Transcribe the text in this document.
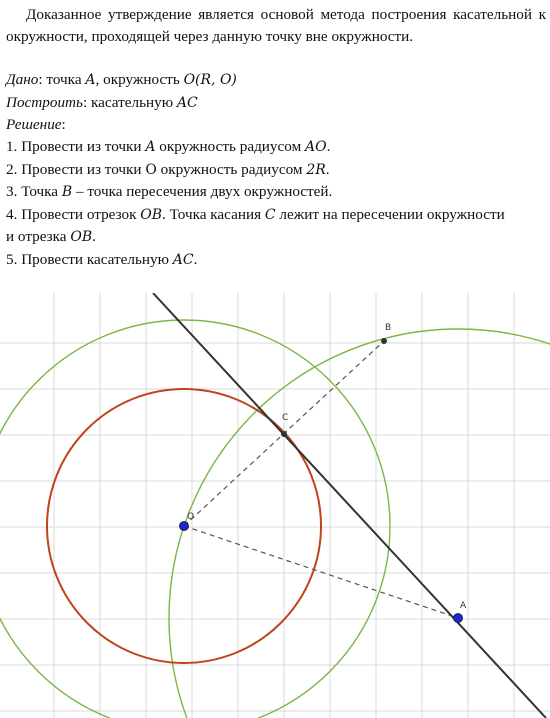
Доказанное утверждение является основой метода построения касательной к окружности, проходящей через данную точку вне окружности.

Дано: точка A, окружность O(R, O)
Построить: касательную AC
Решение:
1. Провести из точки A окружность радиусом AO.
2. Провести из точки O окружность радиусом 2R.
3. Точка B – точка пересечения двух окружностей.
4. Провести отрезок OB. Точка касания C лежит на пересечении окружности
и отрезка OB.
5. Провести касательную AC.
B
C
O
A
